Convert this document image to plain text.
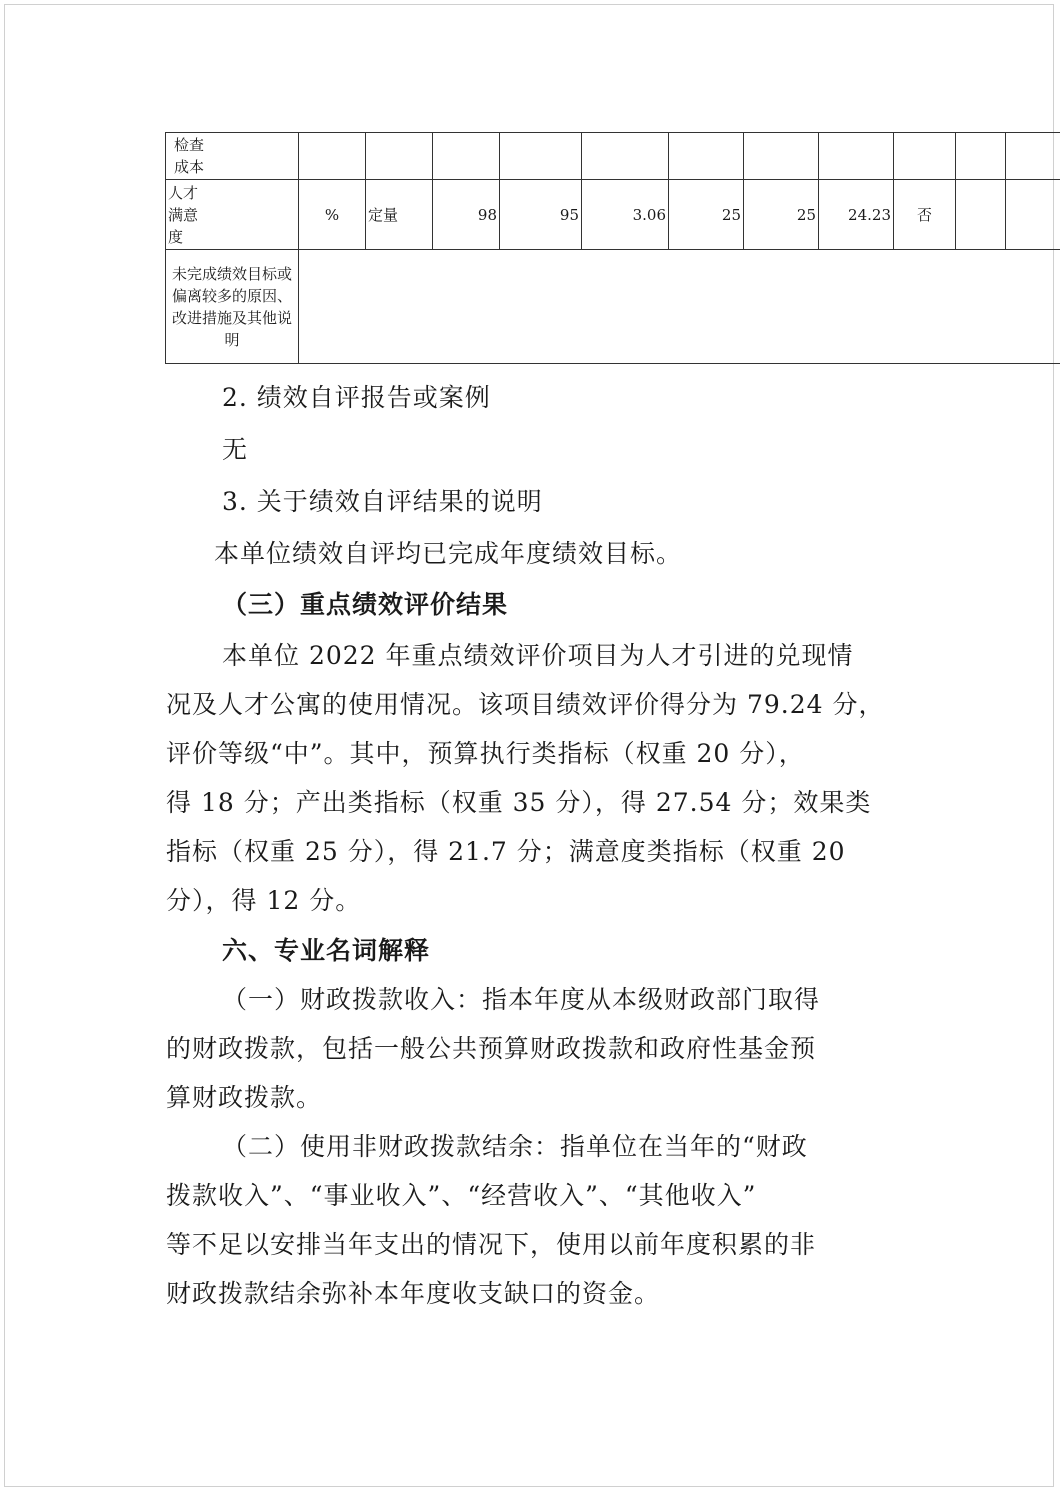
检查成本											

人才满意度	%	定量	98	95	3.06	25	25	24.23	否		
未完成绩效目标或偏离较多的原因、改进措施及其他说明											
2. 绩效自评报告或案例
无
3. 关于绩效自评结果的说明
本单位绩效自评均已完成年度绩效目标。
（三）重点绩效评价结果
本单位 2022 年重点绩效评价项目为人才引进的兑现情
况及人才公寓的使用情况。该项目绩效评价得分为 79.24 分，
评价等级“中”。其中，预算执行类指标（权重 20 分），
得 18 分；产出类指标（权重 35 分），得 27.54 分；效果类
指标（权重 25 分），得 21.7 分；满意度类指标（权重 20
分），得 12 分。
六、专业名词解释
（一）财政拨款收入：指本年度从本级财政部门取得
的财政拨款，包括一般公共预算财政拨款和政府性基金预
算财政拨款。
（二）使用非财政拨款结余：指单位在当年的“财政
拨款收入”、“事业收入”、“经营收入”、“其他收入”
等不足以安排当年支出的情况下，使用以前年度积累的非
财政拨款结余弥补本年度收支缺口的资金。
